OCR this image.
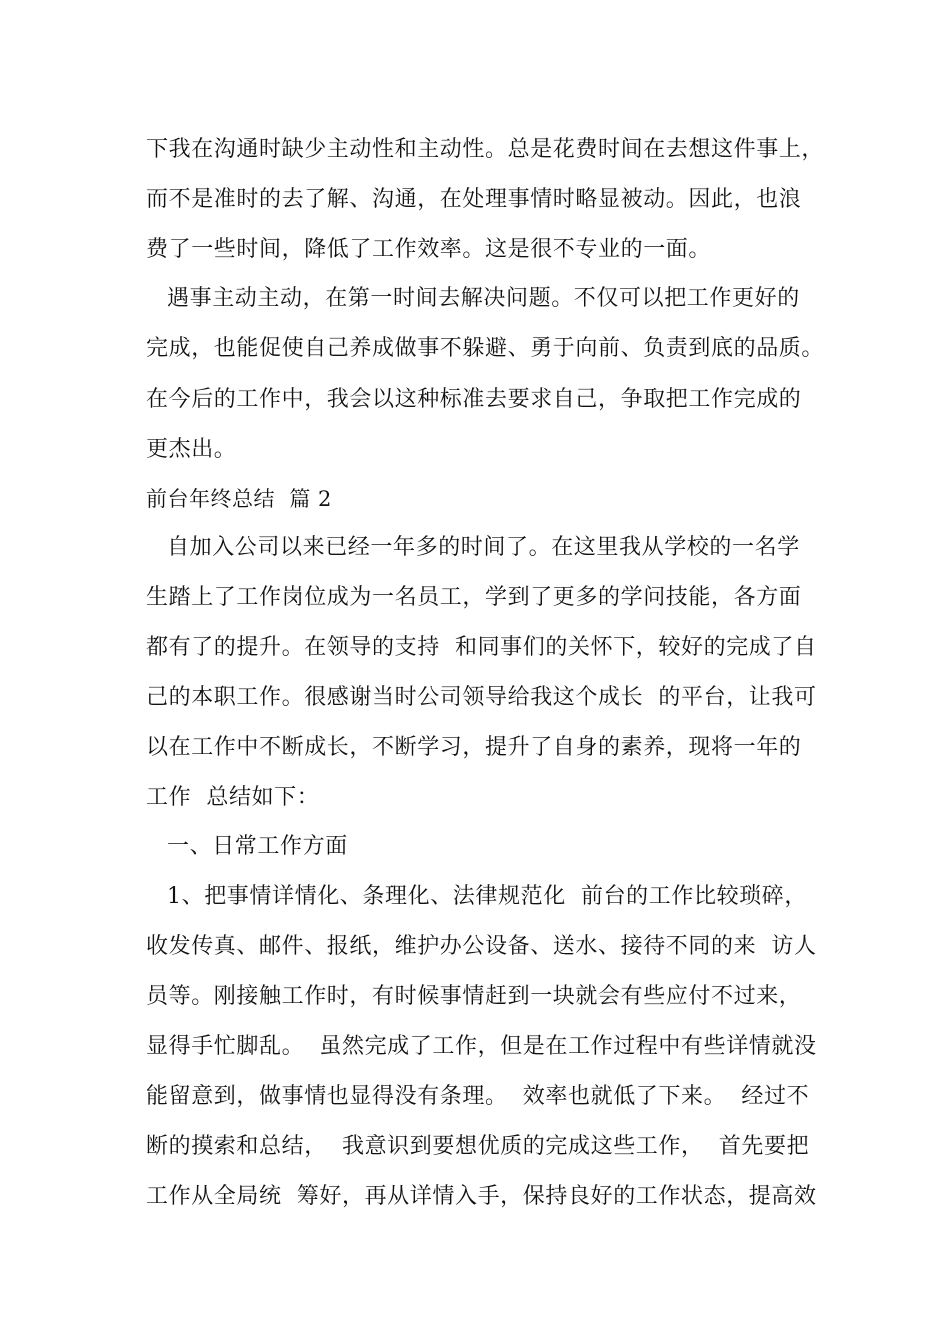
下我在沟通时缺少主动性和主动性。总是花费时间在去想这件事上，
而不是准时的去了解、沟通，在处理事情时略显被动。因此，也浪
费了一些时间，降低了工作效率。这是很不专业的一面。
遇事主动主动，在第一时间去解决问题。不仅可以把工作更好的
完成，也能促使自己养成做事不躲避、勇于向前、负责到底的品质。
在今后的工作中，我会以这种标准去要求自己，争取把工作完成的
更杰出。
前台年终总结  篇 2
自加入公司以来已经一年多的时间了。在这里我从学校的一名学
生踏上了工作岗位成为一名员工，学到了更多的学问技能，各方面
都有了的提升。在领导的支持  和同事们的关怀下，较好的完成了自
己的本职工作。很感谢当时公司领导给我这个成长  的平台，让我可
以在工作中不断成长，不断学习，提升了自身的素养，现将一年的
工作  总结如下：
一、日常工作方面
1、把事情详情化、条理化、法律规范化  前台的工作比较琐碎，
收发传真、邮件、报纸，维护办公设备、送水、接待不同的来  访人
员等。刚接触工作时，有时候事情赶到一块就会有些应付不过来，
显得手忙脚乱。  虽然完成了工作，但是在工作过程中有些详情就没
能留意到，做事情也显得没有条理。  效率也就低了下来。  经过不
断的摸索和总结，  我意识到要想优质的完成这些工作，  首先要把
工作从全局统  筹好，再从详情入手，保持良好的工作状态，提高效
